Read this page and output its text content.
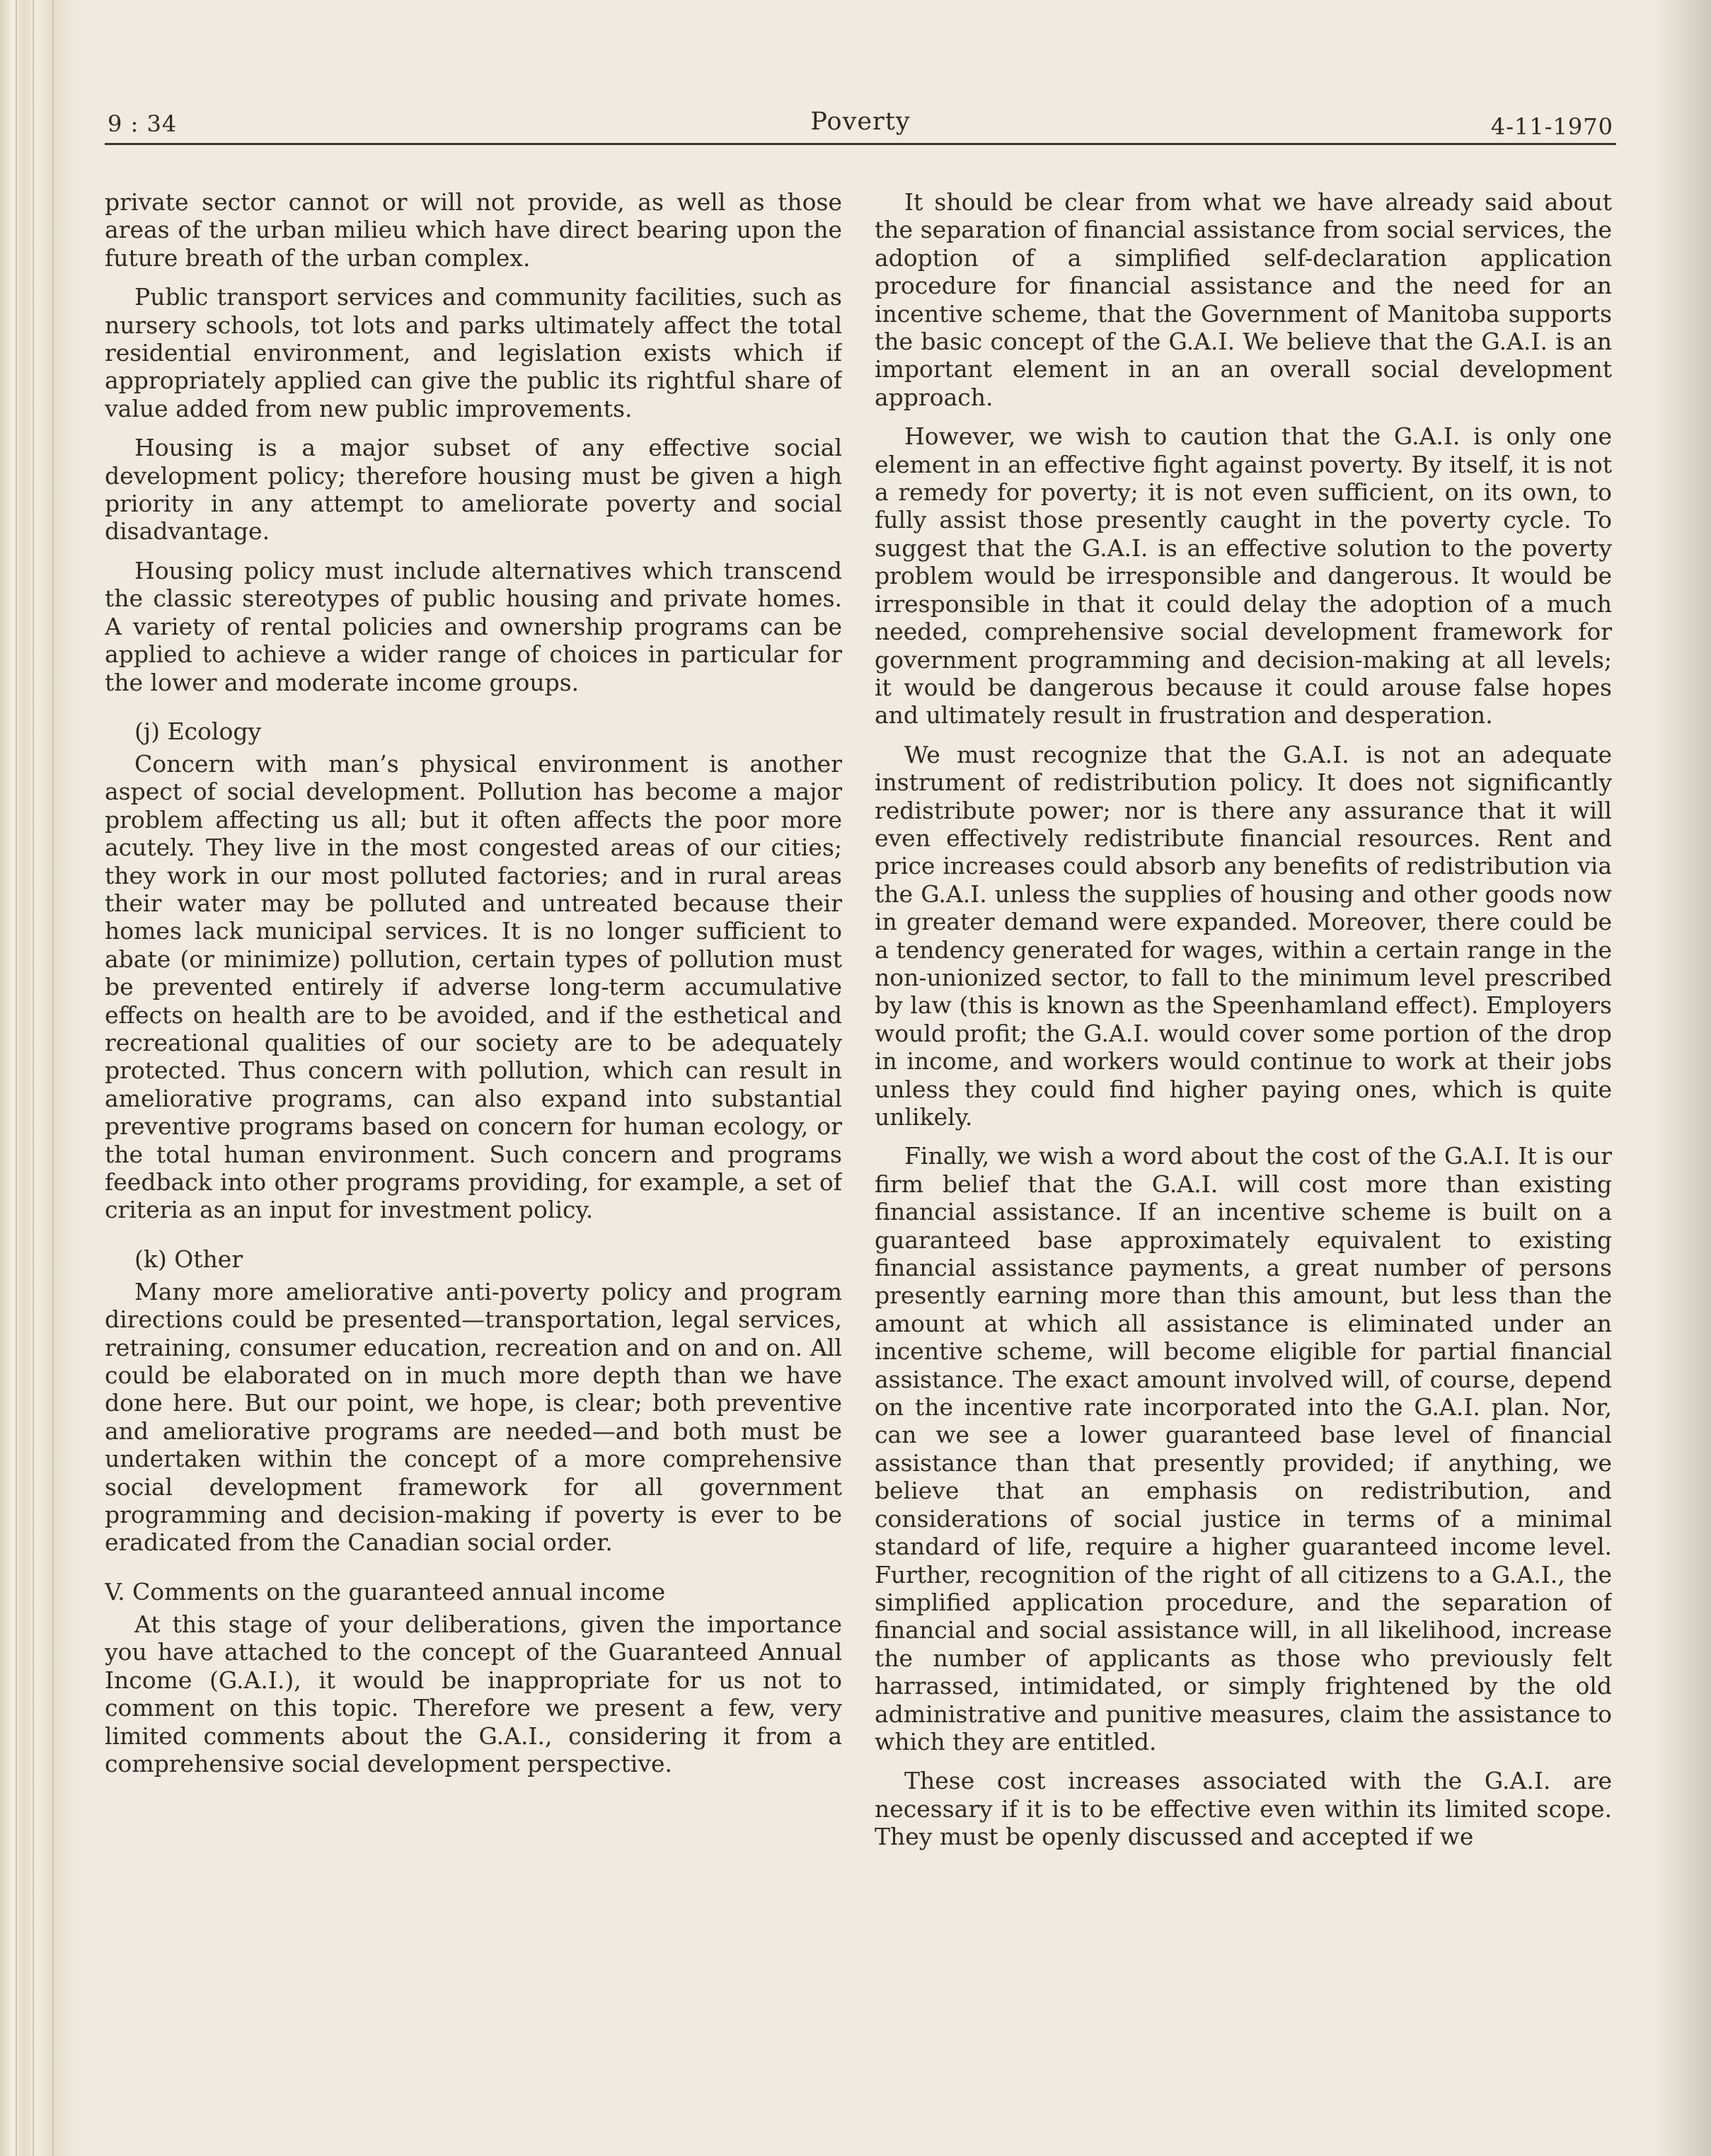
9 : 34	Poverty	4-11-1970

private sector cannot or will not provide, as well as those areas of the urban milieu which have direct bearing upon the future breath of the urban complex.

Public transport services and community facilities, such as nursery schools, tot lots and parks ultimately affect the total residential environment, and legislation exists which if appropriately applied can give the public its rightful share of value added from new public improvements.

Housing is a major subset of any effective social development policy; therefore housing must be given a high priority in any attempt to ameliorate poverty and social disadvantage.

Housing policy must include alternatives which transcend the classic stereotypes of public housing and private homes. A variety of rental policies and ownership programs can be applied to achieve a wider range of choices in particular for the lower and moderate income groups.

(j) Ecology

Concern with man’s physical environment is another aspect of social development. Pollution has become a major problem affecting us all; but it often affects the poor more acutely. They live in the most congested areas of our cities; they work in our most polluted factories; and in rural areas their water may be polluted and untreated because their homes lack municipal services. It is no longer sufficient to abate (or minimize) pollution, certain types of pollution must be prevented entirely if adverse long-term accumulative effects on health are to be avoided, and if the esthetical and recreational qualities of our society are to be adequately protected. Thus concern with pollution, which can result in ameliorative programs, can also expand into substantial preventive programs based on concern for human ecology, or the total human environment. Such concern and programs feedback into other programs providing, for example, a set of criteria as an input for investment policy.

(k) Other

Many more ameliorative anti-poverty policy and program directions could be presented—transportation, legal services, retraining, consumer education, recreation and on and on. All could be elaborated on in much more depth than we have done here. But our point, we hope, is clear; both preventive and ameliorative programs are needed—and both must be undertaken within the concept of a more comprehensive social development framework for all government programming and decision-making if poverty is ever to be eradicated from the Canadian social order.

V. Comments on the guaranteed annual income

At this stage of your deliberations, given the importance you have attached to the concept of the Guaranteed Annual Income (G.A.I.), it would be inappropriate for us not to comment on this topic. Therefore we present a few, very limited comments about the G.A.I., considering it from a comprehensive social development perspective.

It should be clear from what we have already said about the separation of financial assistance from social services, the adoption of a simplified self-declaration application procedure for financial assistance and the need for an incentive scheme, that the Government of Manitoba supports the basic concept of the G.A.I. We believe that the G.A.I. is an important element in an an overall social development approach.

However, we wish to caution that the G.A.I. is only one element in an effective fight against poverty. By itself, it is not a remedy for poverty; it is not even sufficient, on its own, to fully assist those presently caught in the poverty cycle. To suggest that the G.A.I. is an effective solution to the poverty problem would be irresponsible and dangerous. It would be irresponsible in that it could delay the adoption of a much needed, comprehensive social development framework for government programming and decision-making at all levels; it would be dangerous because it could arouse false hopes and ultimately result in frustration and desperation.

We must recognize that the G.A.I. is not an adequate instrument of redistribution policy. It does not significantly redistribute power; nor is there any assurance that it will even effectively redistribute financial resources. Rent and price increases could absorb any benefits of redistribution via the G.A.I. unless the supplies of housing and other goods now in greater demand were expanded. Moreover, there could be a tendency generated for wages, within a certain range in the non-unionized sector, to fall to the minimum level prescribed by law (this is known as the Speenhamland effect). Employers would profit; the G.A.I. would cover some portion of the drop in income, and workers would continue to work at their jobs unless they could find higher paying ones, which is quite unlikely.

Finally, we wish a word about the cost of the G.A.I. It is our firm belief that the G.A.I. will cost more than existing financial assistance. If an incentive scheme is built on a guaranteed base approximately equivalent to existing financial assistance payments, a great number of persons presently earning more than this amount, but less than the amount at which all assistance is eliminated under an incentive scheme, will become eligible for partial financial assistance. The exact amount involved will, of course, depend on the incentive rate incorporated into the G.A.I. plan. Nor, can we see a lower guaranteed base level of financial assistance than that presently provided; if anything, we believe that an emphasis on redistribution, and considerations of social justice in terms of a minimal standard of life, require a higher guaranteed income level. Further, recognition of the right of all citizens to a G.A.I., the simplified application procedure, and the separation of financial and social assistance will, in all likelihood, increase the number of applicants as those who previously felt harrassed, intimidated, or simply frightened by the old administrative and punitive measures, claim the assistance to which they are entitled.

These cost increases associated with the G.A.I. are necessary if it is to be effective even within its limited scope. They must be openly discussed and accepted if we
